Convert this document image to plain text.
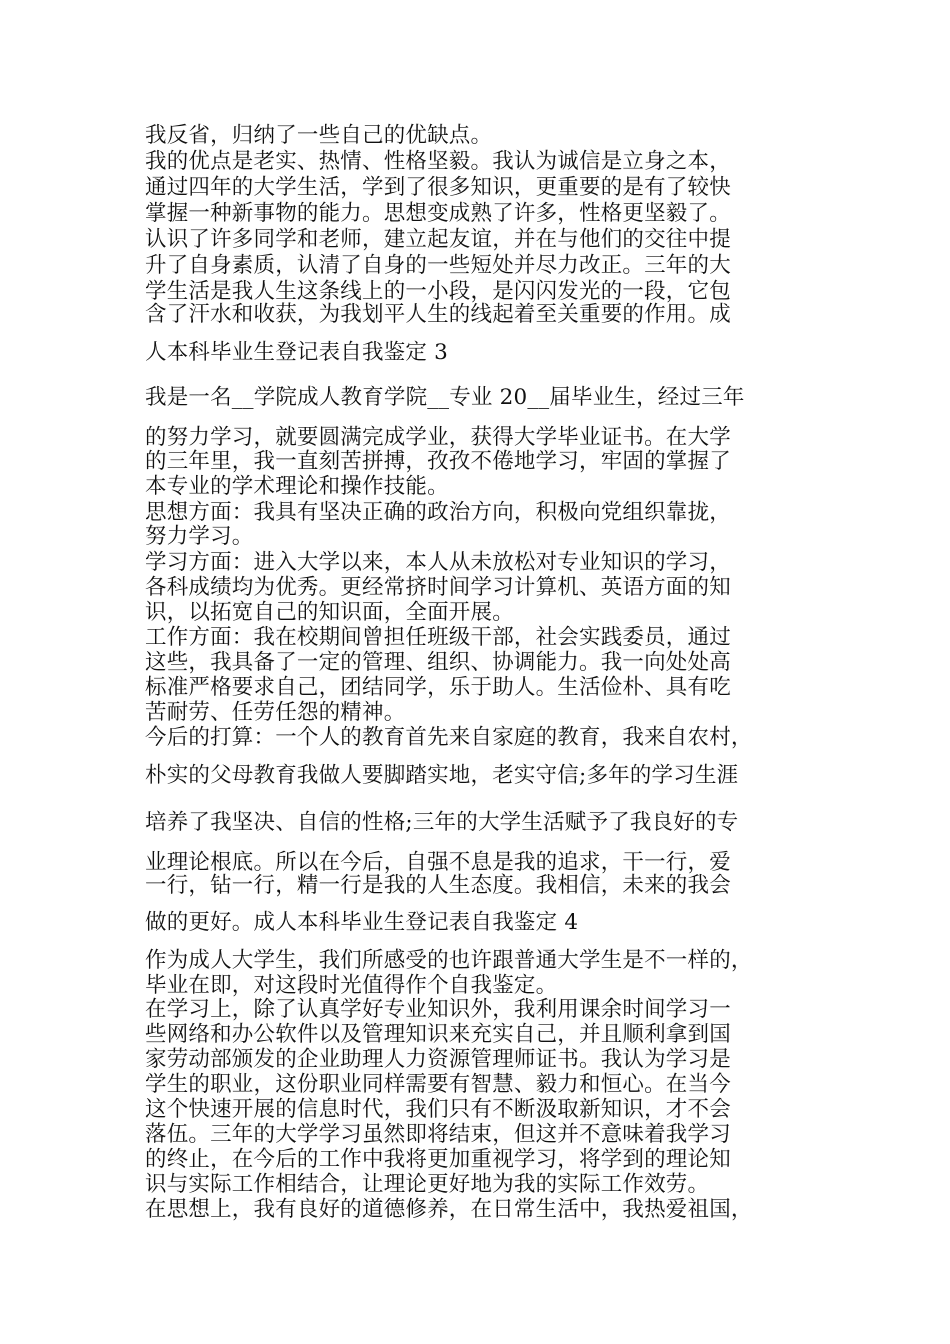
我反省，归纳了一些自己的优缺点。
我的优点是老实、热情、性格坚毅。我认为诚信是立身之本，
通过四年的大学生活，学到了很多知识，更重要的是有了较快
掌握一种新事物的能力。思想变成熟了许多，性格更坚毅了。
认识了许多同学和老师，建立起友谊，并在与他们的交往中提
升了自身素质，认清了自身的一些短处并尽力改正。三年的大
学生活是我人生这条线上的一小段，是闪闪发光的一段，它包
含了汗水和收获，为我划平人生的线起着至关重要的作用。成
人本科毕业生登记表自我鉴定 3
我是一名__学院成人教育学院__专业 20__届毕业生，经过三年
的努力学习，就要圆满完成学业，获得大学毕业证书。在大学
的三年里，我一直刻苦拼搏，孜孜不倦地学习，牢固的掌握了
本专业的学术理论和操作技能。
思想方面：我具有坚决正确的政治方向，积极向党组织靠拢，
努力学习。
学习方面：进入大学以来，本人从未放松对专业知识的学习，
各科成绩均为优秀。更经常挤时间学习计算机、英语方面的知
识，以拓宽自己的知识面，全面开展。
工作方面：我在校期间曾担任班级干部，社会实践委员，通过
这些，我具备了一定的管理、组织、协调能力。我一向处处高
标准严格要求自己，团结同学，乐于助人。生活俭朴、具有吃
苦耐劳、任劳任怨的精神。
今后的打算：一个人的教育首先来自家庭的教育，我来自农村，
朴实的父母教育我做人要脚踏实地，老实守信;多年的学习生涯
培养了我坚决、自信的性格;三年的大学生活赋予了我良好的专
业理论根底。所以在今后，自强不息是我的追求，干一行，爱
一行，钻一行，精一行是我的人生态度。我相信，未来的我会
做的更好。成人本科毕业生登记表自我鉴定 4
作为成人大学生，我们所感受的也许跟普通大学生是不一样的，
毕业在即，对这段时光值得作个自我鉴定。
在学习上，除了认真学好专业知识外，我利用课余时间学习一
些网络和办公软件以及管理知识来充实自己，并且顺利拿到国
家劳动部颁发的企业助理人力资源管理师证书。我认为学习是
学生的职业，这份职业同样需要有智慧、毅力和恒心。在当今
这个快速开展的信息时代，我们只有不断汲取新知识，才不会
落伍。三年的大学学习虽然即将结束，但这并不意味着我学习
的终止，在今后的工作中我将更加重视学习，将学到的理论知
识与实际工作相结合，让理论更好地为我的实际工作效劳。
在思想上，我有良好的道德修养，在日常生活中，我热爱祖国，
